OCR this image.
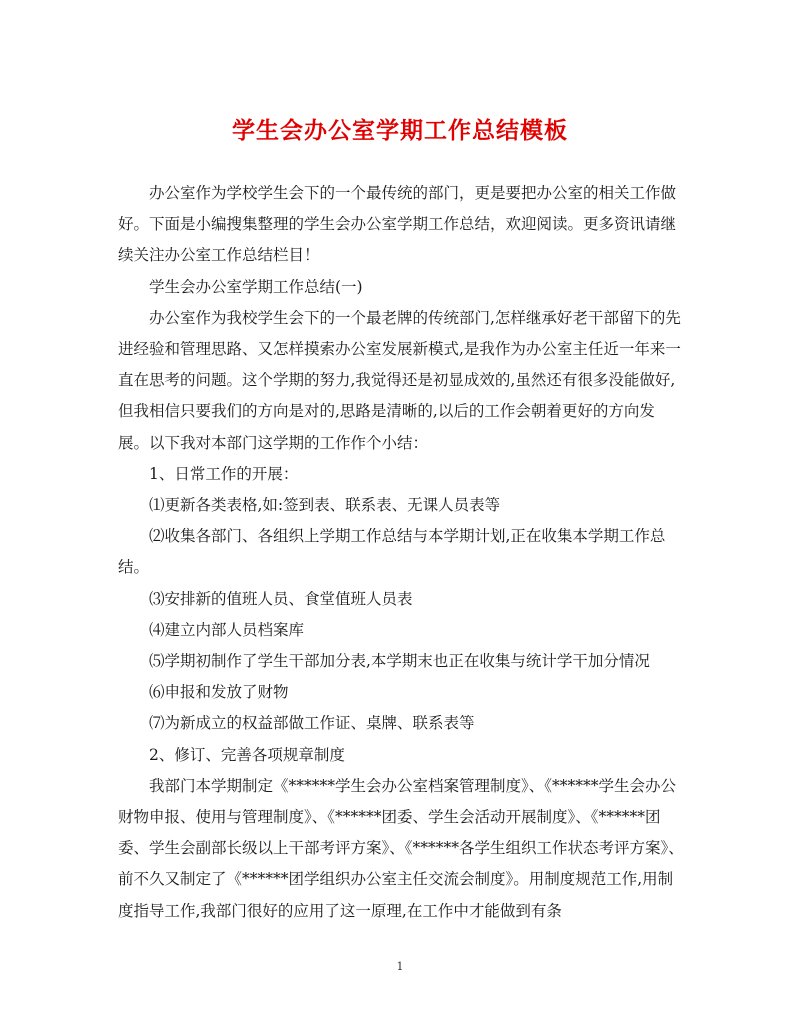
学生会办公室学期工作总结模板

办公室作为学校学生会下的一个最传统的部门，更是要把办公室的相关工作做好。下面是小编搜集整理的学生会办公室学期工作总结，欢迎阅读。更多资讯请继续关注办公室工作总结栏目！

学生会办公室学期工作总结(一)

办公室作为我校学生会下的一个最老牌的传统部门,怎样继承好老干部留下的先进经验和管理思路、又怎样摸索办公室发展新模式,是我作为办公室主任近一年来一直在思考的问题。这个学期的努力,我觉得还是初显成效的,虽然还有很多没能做好,但我相信只要我们的方向是对的,思路是清晰的,以后的工作会朝着更好的方向发展。以下我对本部门这学期的工作作个小结：

1、日常工作的开展：

⑴更新各类表格,如:签到表、联系表、无课人员表等

⑵收集各部门、各组织上学期工作总结与本学期计划,正在收集本学期工作总结。

⑶安排新的值班人员、食堂值班人员表

⑷建立内部人员档案库

⑸学期初制作了学生干部加分表,本学期末也正在收集与统计学干加分情况

⑹申报和发放了财物

⑺为新成立的权益部做工作证、桌牌、联系表等

2、修订、完善各项规章制度

我部门本学期制定《******学生会办公室档案管理制度》、《******学生会办公财物申报、使用与管理制度》、《******团委、学生会活动开展制度》、《******团委、学生会副部长级以上干部考评方案》、《******各学生组织工作状态考评方案》、前不久又制定了《******团学组织办公室主任交流会制度》。用制度规范工作,用制度指导工作,我部门很好的应用了这一原理,在工作中才能做到有条

1
